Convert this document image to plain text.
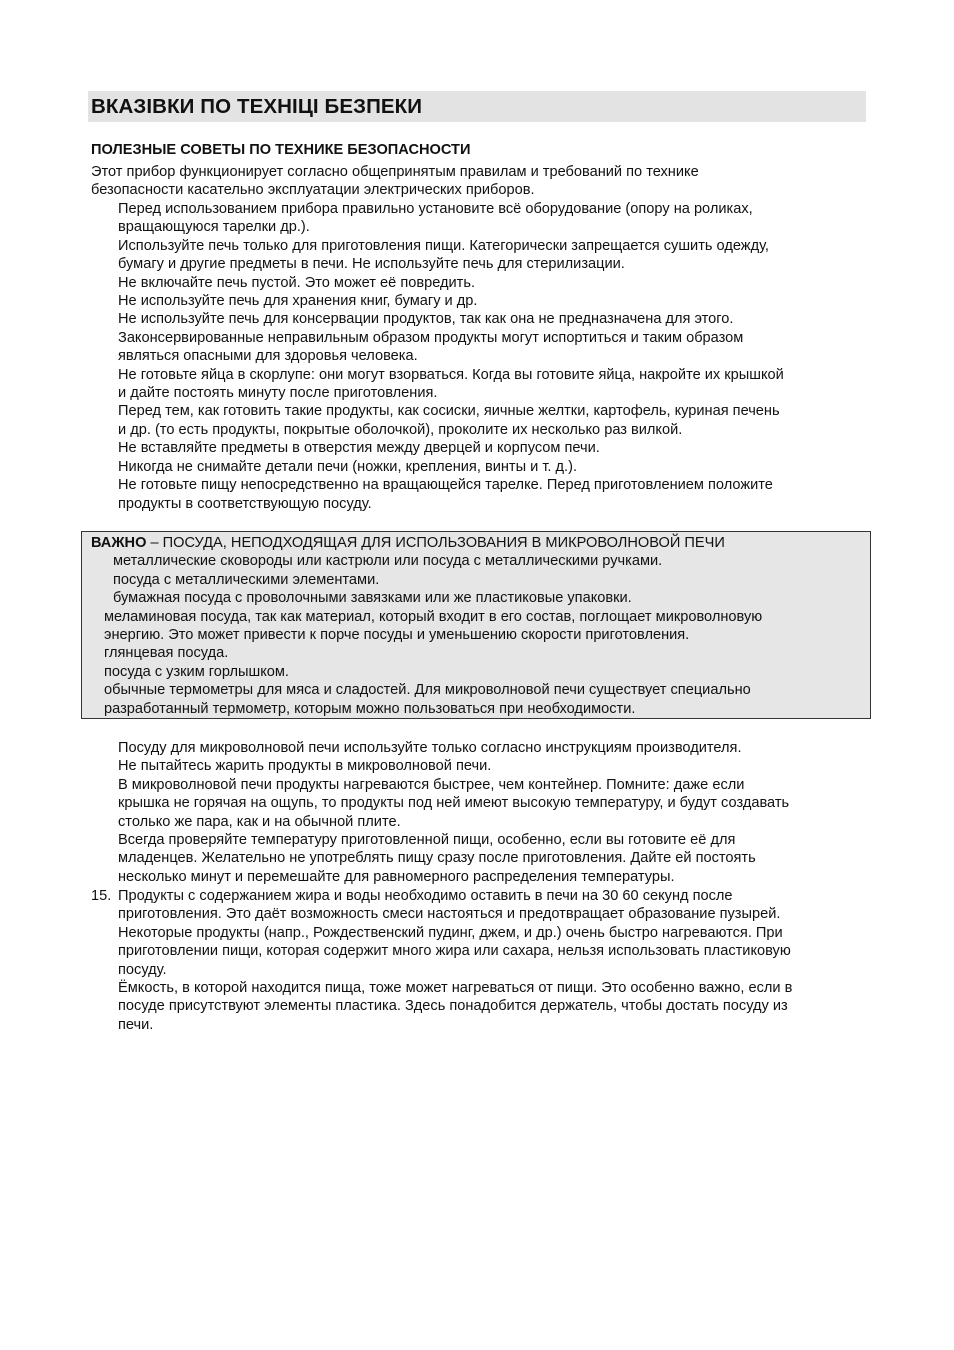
ВКАЗІВКИ ПО ТЕХНІЦІ БЕЗПЕКИ
ПОЛЕЗНЫЕ СОВЕТЫ ПО ТЕХНИКЕ БЕЗОПАСНОСТИ

Этот прибор функционирует согласно общепринятым правилам и требований по технике

безопасности касательно эксплуатации электрических приборов.

Перед использованием прибора правильно установите всё оборудование (опору на роликах,

вращающуюся тарелки др.).

Используйте печь только для приготовления пищи. Категорически запрещается сушить одежду,

бумагу и другие предметы в печи. Не используйте печь для стерилизации.

Не включайте печь пустой. Это может её повредить.

Не используйте печь для хранения книг, бумагу и др.

Не используйте печь для консервации продуктов, так как она не предназначена для этого.

Законсервированные неправильным образом продукты могут испортиться и таким образом

являться опасными для здоровья человека.

Не готовьте яйца в скорлупе: они могут взорваться. Когда вы готовите яйца, накройте их крышкой

и дайте постоять минуту после приготовления.

Перед тем, как готовить такие продукты, как сосиски, яичные желтки, картофель, куриная печень

и др. (то есть продукты, покрытые оболочкой), проколите их несколько раз вилкой.

Не вставляйте предметы в отверстия между дверцей и корпусом печи.

Никогда не снимайте детали печи (ножки, крепления, винты и т. д.).

Не готовьте пищу непосредственно на вращающейся тарелке. Перед приготовлением положите

продукты в соответствующую посуду.

ВАЖНО – ПОСУДА, НЕПОДХОДЯЩАЯ ДЛЯ ИСПОЛЬЗОВАНИЯ В МИКРОВОЛНОВОЙ ПЕЧИ

металлические сковороды или кастрюли или посуда с металлическими ручками.

посуда с металлическими элементами.

бумажная посуда с проволочными завязками или же пластиковые упаковки.

меламиновая посуда, так как материал, который входит в его состав, поглощает микроволновую

энергию. Это может привести к порче посуды и уменьшению скорости приготовления.

глянцевая посуда.

посуда с узким горлышком.

обычные термометры для мяса и сладостей. Для микроволновой печи существует специально

разработанный термометр, которым можно пользоваться при необходимости.

Посуду для микроволновой печи используйте только согласно инструкциям производителя.

Не пытайтесь жарить продукты в микроволновой печи.

В микроволновой печи продукты нагреваются быстрее, чем контейнер. Помните: даже если

крышка не горячая на ощупь, то продукты под ней имеют высокую температуру, и будут создавать

столько же пара, как и на обычной плите.

Всегда проверяйте температуру приготовленной пищи, особенно, если вы готовите её для

младенцев. Желательно не употреблять пищу сразу после приготовления. Дайте ей постоять

несколько минут и перемешайте для равномерного распределения температуры.

15. Продукты с содержанием жира и воды необходимо оставить в печи на 30 60 секунд после

приготовления. Это даёт возможность смеси настояться и предотвращает образование пузырей.

Некоторые продукты (напр., Рождественский пудинг, джем, и др.) очень быстро нагреваются. При

приготовлении пищи, которая содержит много жира или сахара, нельзя использовать пластиковую

посуду.

Ёмкость, в которой находится пища, тоже может нагреваться от пищи. Это особенно важно, если в

посуде присутствуют элементы пластика. Здесь понадобится держатель, чтобы достать посуду из

печи.
